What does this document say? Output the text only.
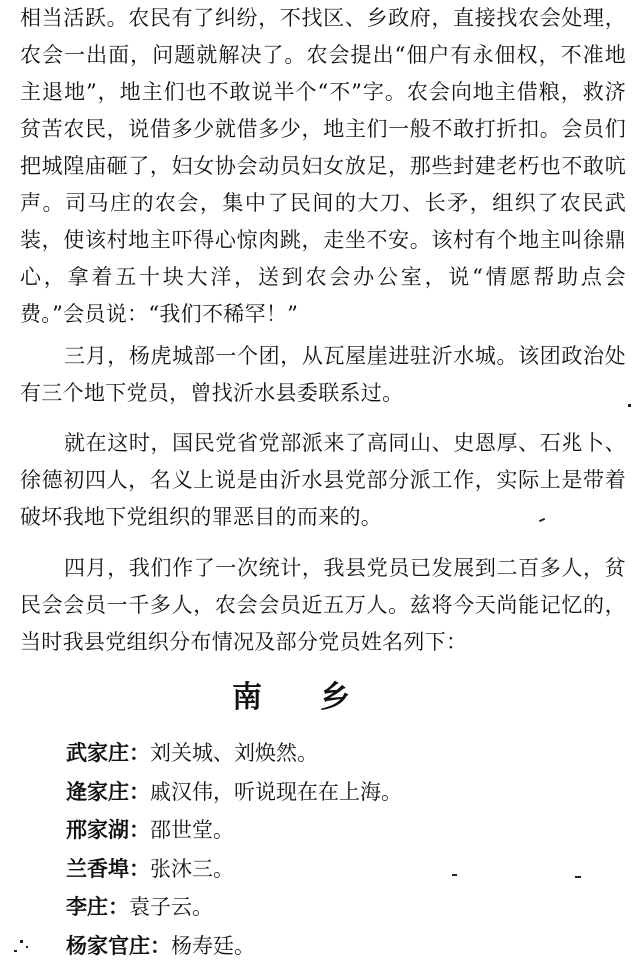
相当活跃。农民有了纠纷，不找区、乡政府，直接找农会处理，农会一出面，问题就解决了。农会提出“佃户有永佃权，不准地主退地”，地主们也不敢说半个“不”字。农会向地主借粮，救济贫苦农民，说借多少就借多少，地主们一般不敢打折扣。会员们把城隍庙砸了，妇女协会动员妇女放足，那些封建老朽也不敢吭声。司马庄的农会，集中了民间的大刀、长矛，组织了农民武装，使该村地主吓得心惊肉跳，走坐不安。该村有个地主叫徐鼎心，拿着五十块大洋，送到农会办公室，说“情愿帮助点会费。”会员说：“我们不稀罕！”

三月，杨虎城部一个团，从瓦屋崖进驻沂水城。该团政治处有三个地下党员，曾找沂水县委联系过。

就在这时，国民党省党部派来了高同山、史恩厚、石兆卜、徐德初四人，名义上说是由沂水县党部分派工作，实际上是带着破坏我地下党组织的罪恶目的而来的。

四月，我们作了一次统计，我县党员已发展到二百多人，贫民会会员一千多人，农会会员近五万人。兹将今天尚能记忆的，当时我县党组织分布情况及部分党员姓名列下：

南乡
武家庄：刘关城、刘焕然。
逄家庄：戚汉伟，听说现在在上海。
邢家湖：邵世堂。
兰香埠：张沐三。
李庄：袁子云。
杨家官庄：杨寿廷。
